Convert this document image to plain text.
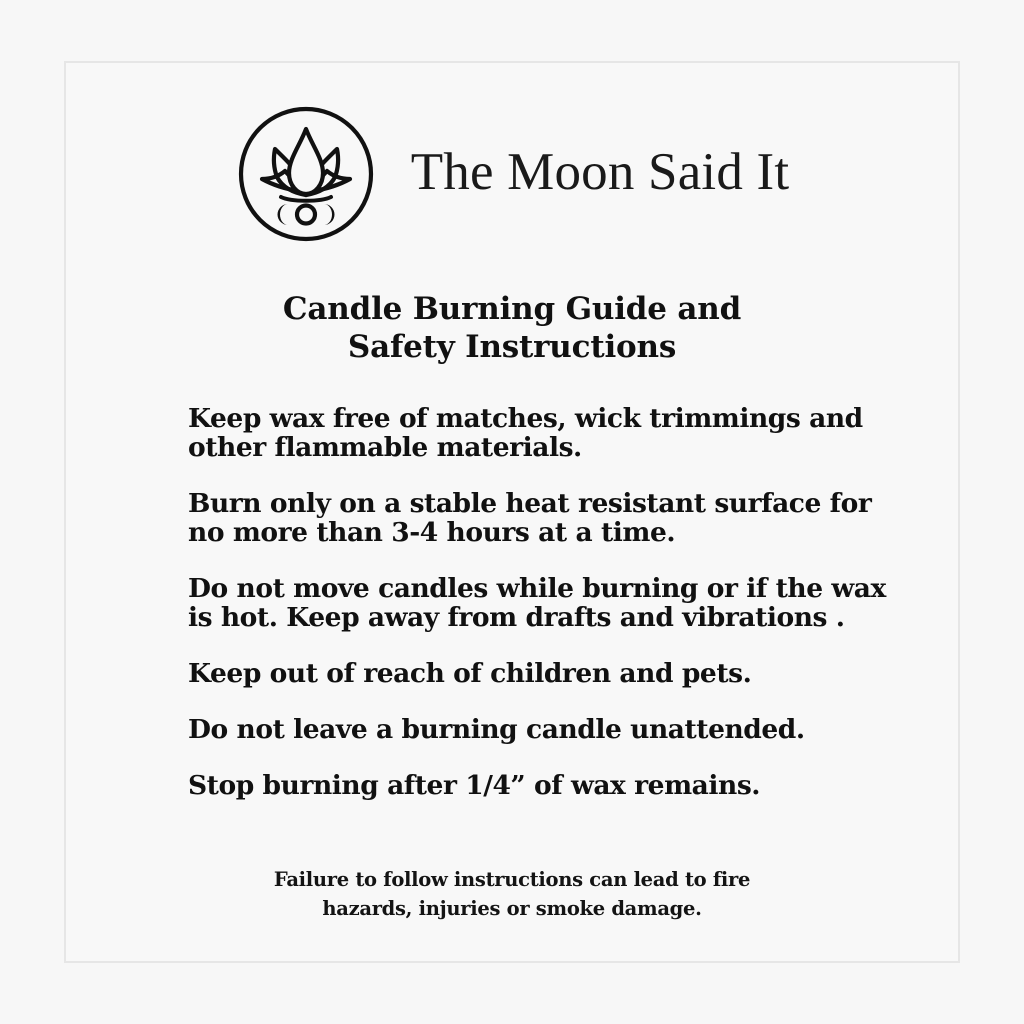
The Moon Said It
Candle Burning Guide and
Safety Instructions

Keep wax free of matches, wick trimmings and other flammable materials.

Burn only on a stable heat resistant surface for no more than 3-4 hours at a time.

Do not move candles while burning or if the wax is hot. Keep away from drafts and vibrations .

Keep out of reach of children and pets.

Do not leave a burning candle unattended.

Stop burning after 1/4” of wax remains.

Failure to follow instructions can lead to fire
hazards, injuries or smoke damage.
